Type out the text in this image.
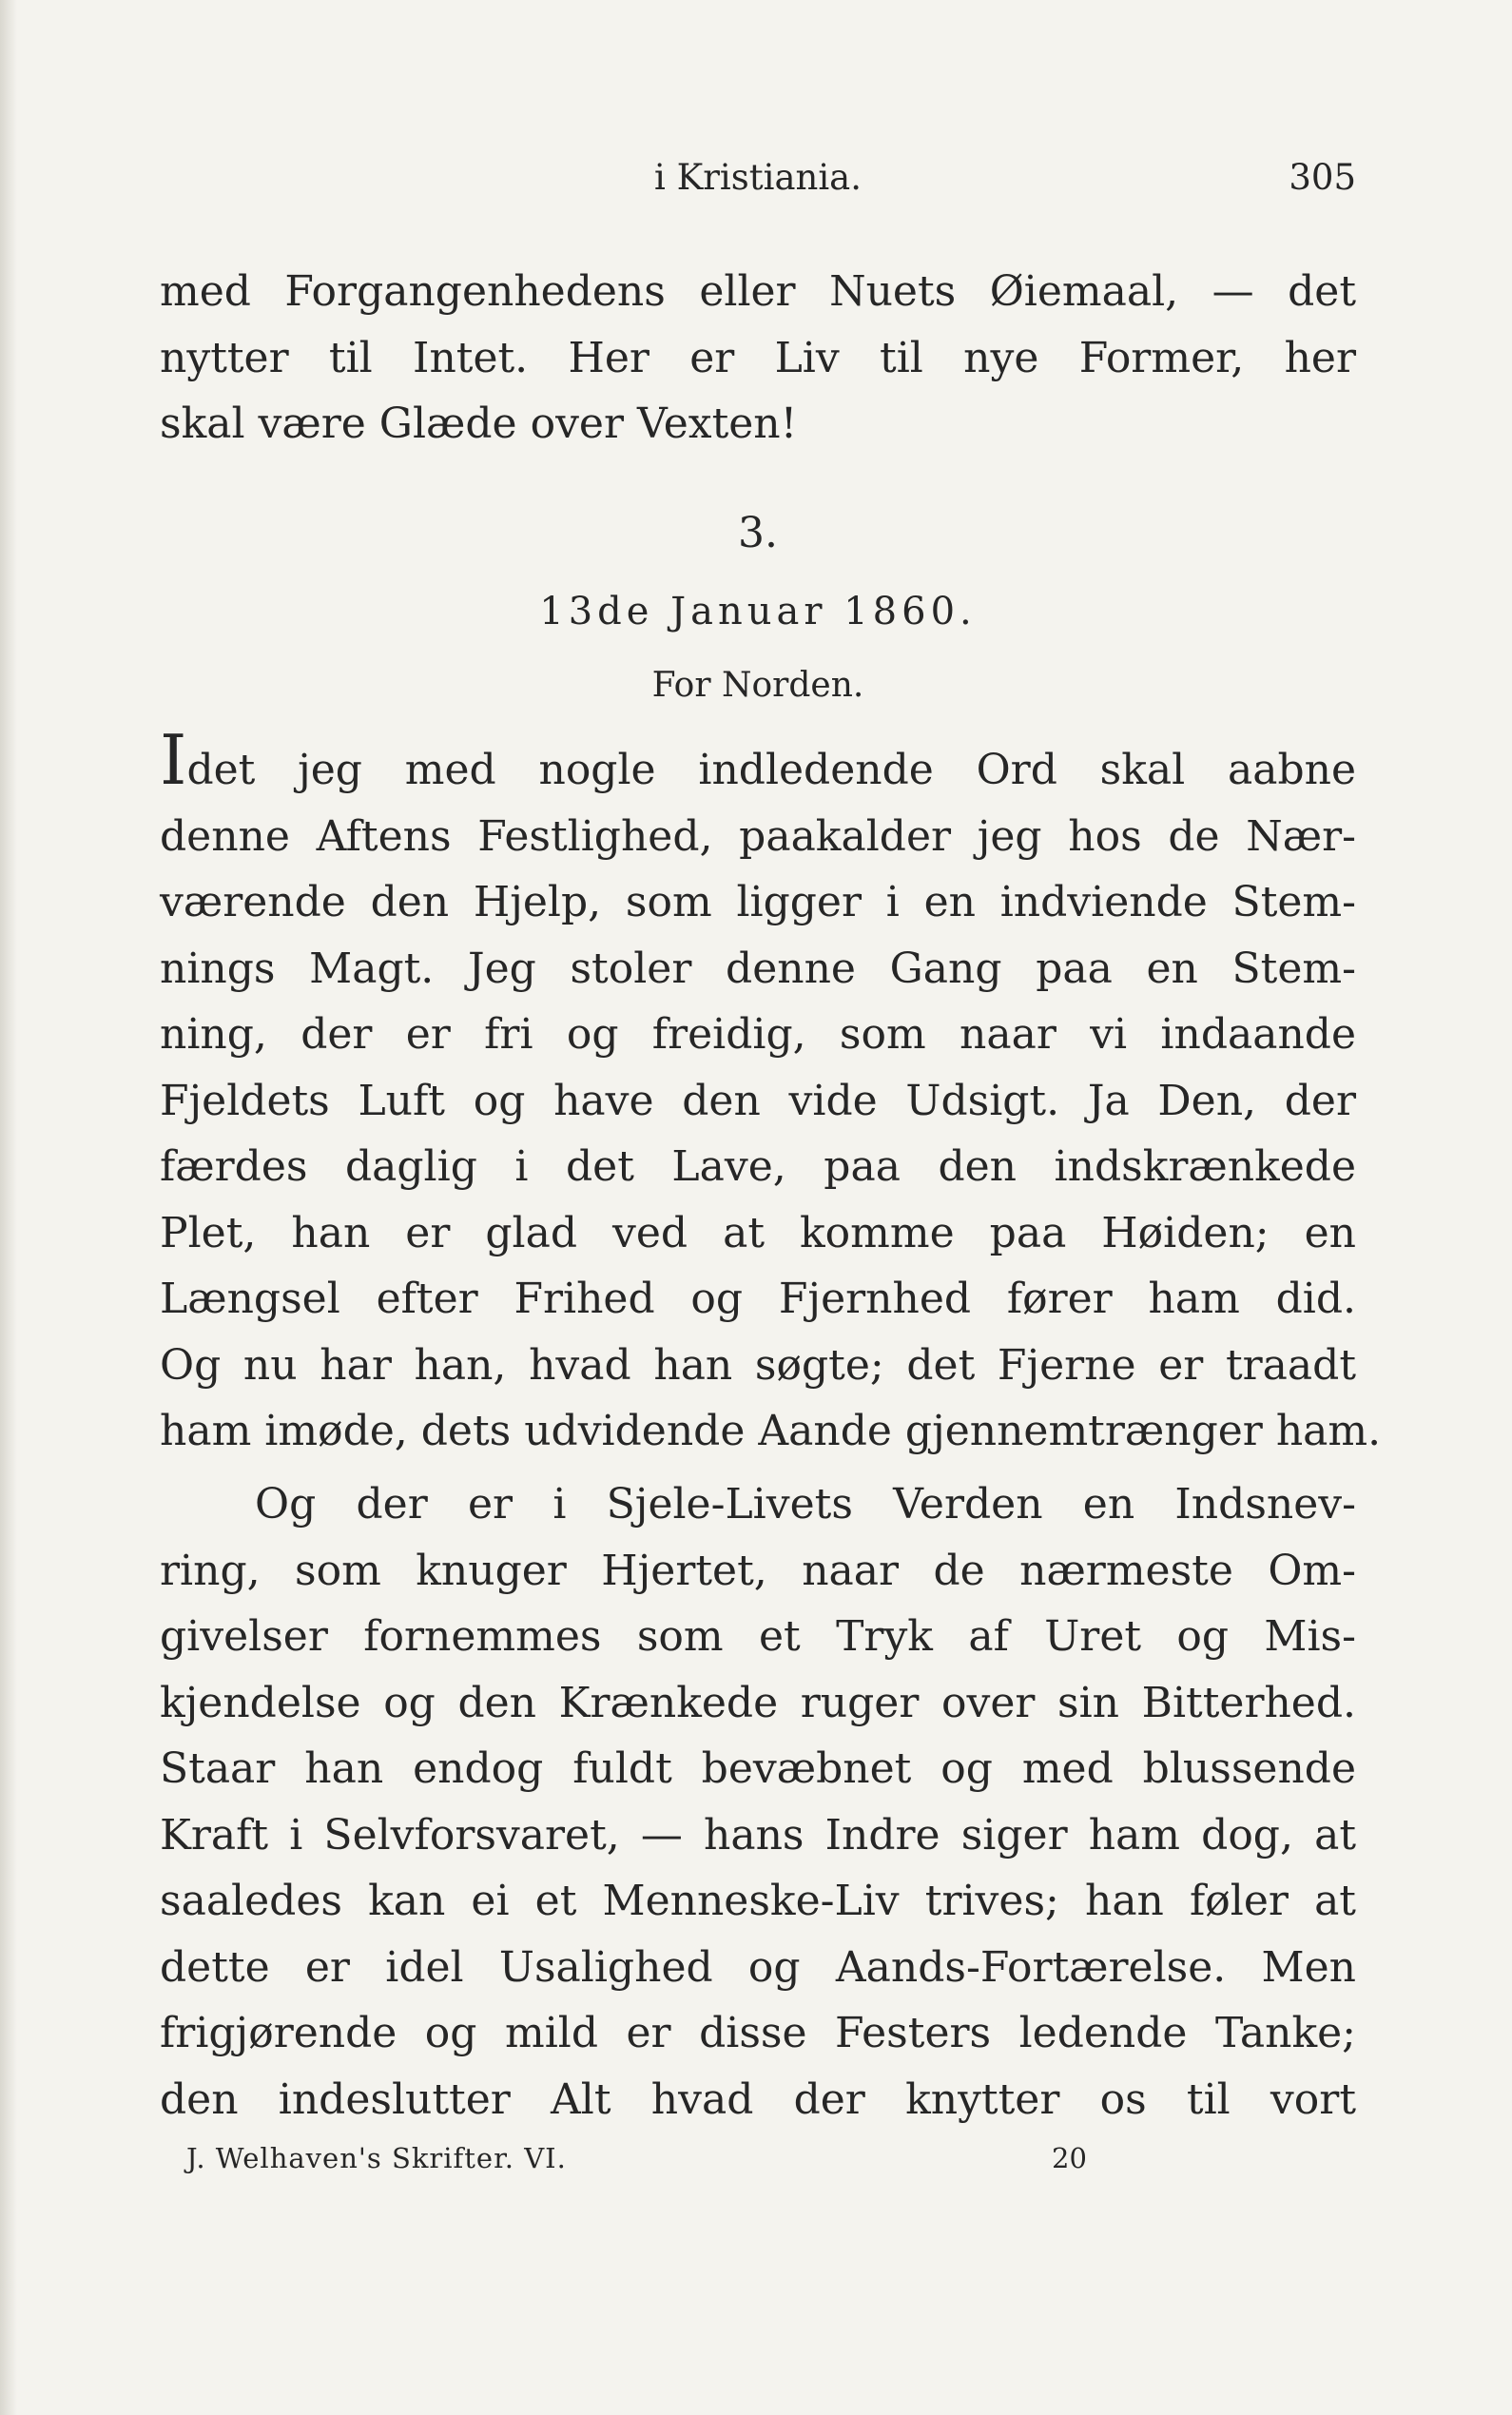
i Kristiania.	305
med Forgangenhedens eller Nuets Øiemaal, — det
nytter til Intet. Her er Liv til nye Former, her
skal være Glæde over Vexten!
3.
13de Januar 1860.
For Norden.
Idet jeg med nogle indledende Ord skal aabne
denne Aftens Festlighed, paakalder jeg hos de Nær-
værende den Hjelp, som ligger i en indviende Stem-
nings Magt. Jeg stoler denne Gang paa en Stem-
ning, der er fri og freidig, som naar vi indaande
Fjeldets Luft og have den vide Udsigt. Ja Den, der
færdes daglig i det Lave, paa den indskrænkede
Plet, han er glad ved at komme paa Høiden; en
Længsel efter Frihed og Fjernhed fører ham did.
Og nu har han, hvad han søgte; det Fjerne er traadt
ham imøde, dets udvidende Aande gjennemtrænger ham.
Og der er i Sjele-Livets Verden en Indsnev-
ring, som knuger Hjertet, naar de nærmeste Om-
givelser fornemmes som et Tryk af Uret og Mis-
kjendelse og den Krænkede ruger over sin Bitterhed.
Staar han endog fuldt bevæbnet og med blussende
Kraft i Selvforsvaret, — hans Indre siger ham dog, at
saaledes kan ei et Menneske-Liv trives; han føler at
dette er idel Usalighed og Aands-Fortærelse. Men
frigjørende og mild er disse Festers ledende Tanke;
den indeslutter Alt hvad der knytter os til vort
J. Welhaven's Skrifter. VI.	20
